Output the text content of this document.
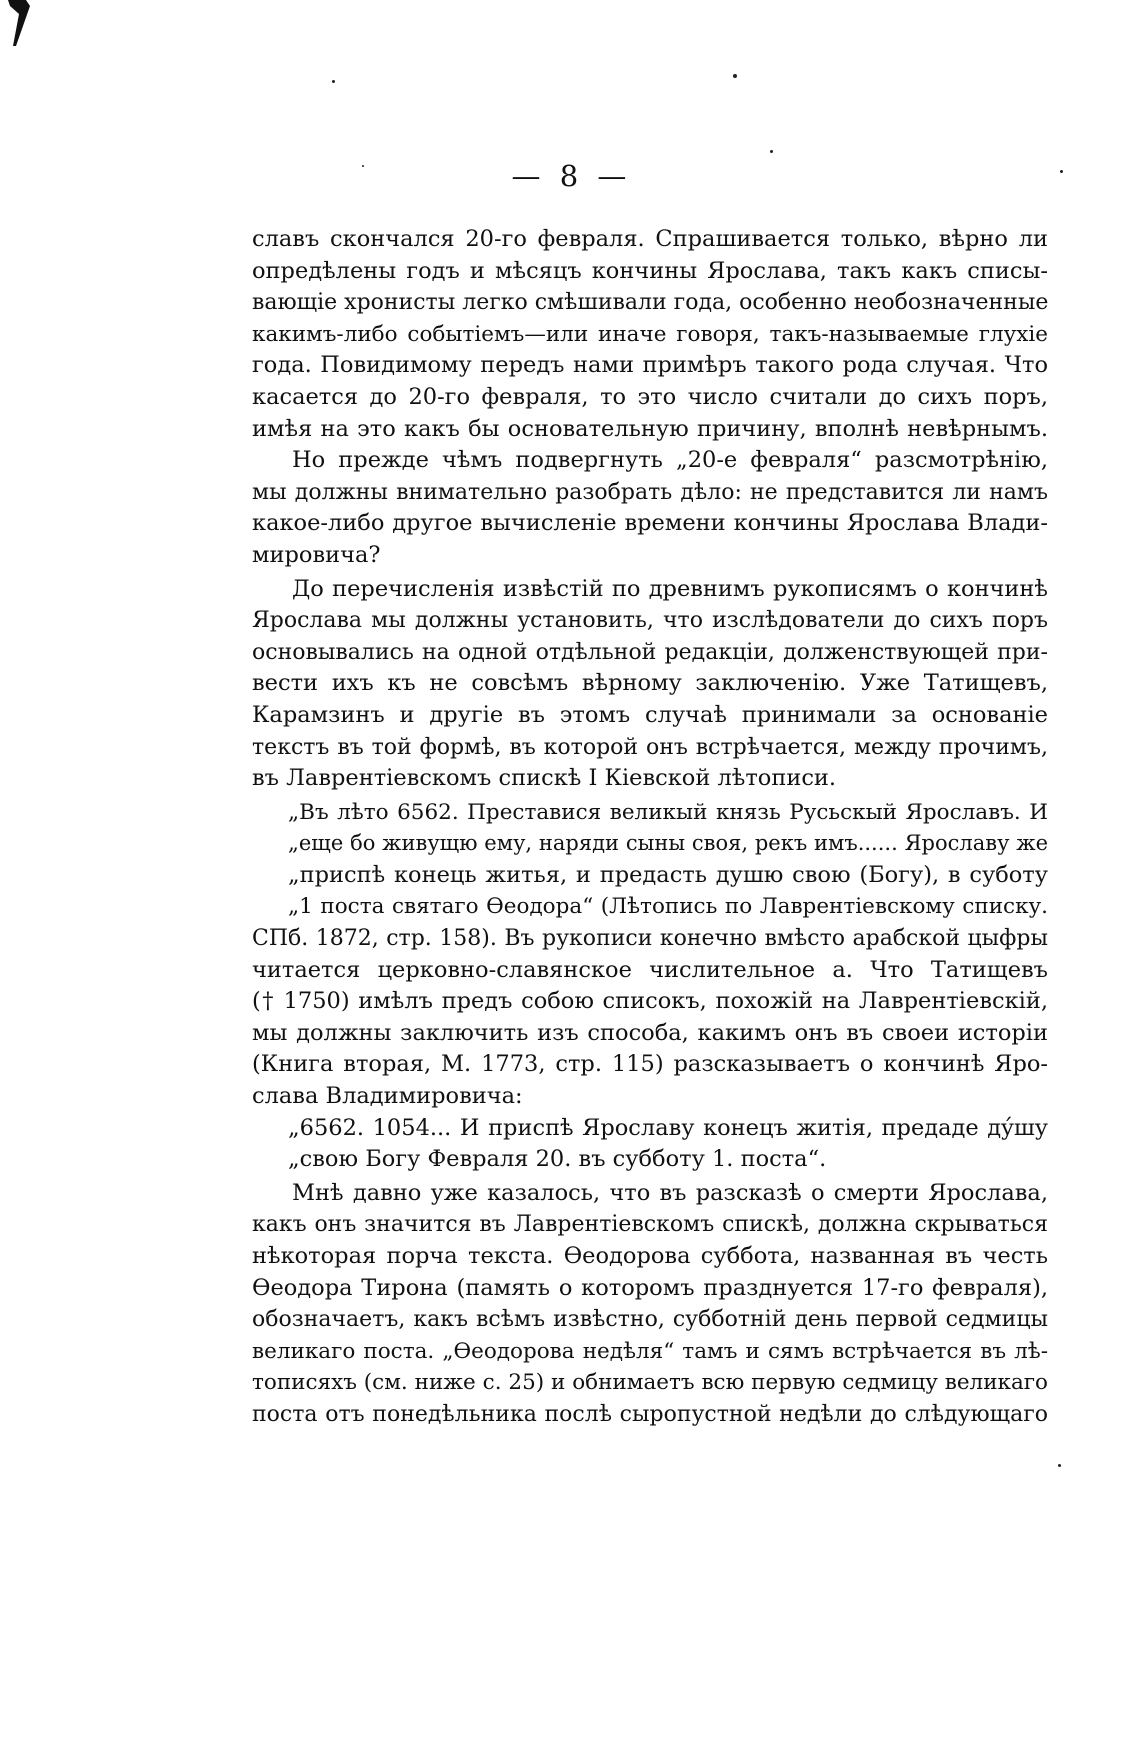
— 8 —
славъ скончался 20-го февраля. Спрашивается только, вѣрно ли
опредѣлены годъ и мѣсяцъ кончины Ярослава, такъ какъ списы-
вающіе хронисты легко смѣшивали года, особенно необозначенные
какимъ-либо событіемъ—или иначе говоря, такъ-называемые глухіе
года. Повидимому передъ нами примѣръ такого рода случая. Что
касается до 20-го февраля, то это число считали до сихъ поръ,
имѣя на это какъ бы основательную причину, вполнѣ невѣрнымъ.
Но прежде чѣмъ подвергнуть „20-е февраля“ разсмотрѣнію,
мы должны внимательно разобрать дѣло: не представится ли намъ
какое-либо другое вычисленіе времени кончины Ярослава Влади-
мировича?
До перечисленія извѣстій по древнимъ рукописямъ о кончинѣ
Ярослава мы должны установить, что изслѣдователи до сихъ поръ
основывались на одной отдѣльной редакціи, долженствующей при-
вести ихъ къ не совсѣмъ вѣрному заключенію. Уже Татищевъ,
Карамзинъ и другіе въ этомъ случаѣ принимали за основаніе
текстъ въ той формѣ, въ которой онъ встрѣчается, между прочимъ,
въ Лаврентіевскомъ спискѣ I Кіевской лѣтописи.
„Въ лѣто 6562. Преставися великый князь Русьскый Ярославъ. И
„еще бо живущю ему, наряди сыны своя, рекъ имъ...... Ярославу же
„приспѣ конець житья, и предасть душю свою (Богу), в суботу
„1 поста святаго Ѳеодора“ (Лѣтопись по Лаврентіевскому списку.
СПб. 1872, стр. 158). Въ рукописи конечно вмѣсто арабской цыфры
читается церковно-славянское числительное а. Что Татищевъ
(† 1750) имѣлъ предъ собою списокъ, похожій на Лаврентіевскій,
мы должны заключить изъ способа, какимъ онъ въ своеи исторіи
(Книга вторая, М. 1773, стр. 115) разсказываетъ о кончинѣ Яро-
слава Владимировича:
„6562. 1054... И приспѣ Ярославу конецъ житія, предаде дýшу
„свою Богу Февраля 20. въ субботу 1. поста“.
Мнѣ давно уже казалось, что въ разсказѣ о смерти Ярослава,
какъ онъ значится въ Лаврентіевскомъ спискѣ, должна скрываться
нѣкоторая порча текста. Ѳеодорова суббота, названная въ честь
Ѳеодора Тирона (память о которомъ празднуется 17-го февраля),
обозначаетъ, какъ всѣмъ извѣстно, субботній день первой седмицы
великаго поста. „Ѳеодорова недѣля“ тамъ и сямъ встрѣчается въ лѣ-
тописяхъ (см. ниже с. 25) и обнимаетъ всю первую седмицу великаго
поста отъ понедѣльника послѣ сыропустной недѣли до слѣдующаго
